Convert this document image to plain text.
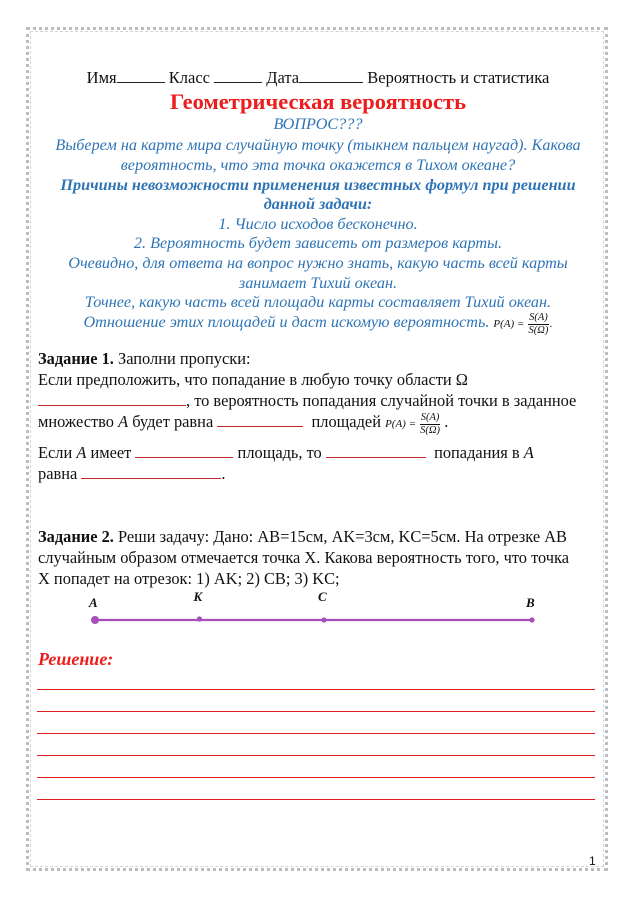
Имя	Класс	Дата	Вероятность и статистика
Геометрическая вероятность
ВОПРОС???
Выберем на карте мира случайную точку (тыкнем пальцем наугад). Какова
вероятность, что эта точка окажется в Тихом океане?
Причины невозможности применения известных формул при решении
данной задачи:
1. Число исходов бесконечно.
2. Вероятность будет зависеть от размеров карты.
Очевидно, для ответа на вопрос нужно знать, какую часть всей карты
занимает Тихий океан.
Точнее, какую часть всей площади карты составляет Тихий океан.
Отношение этих площадей и даст искомую вероятность. $P(A) = \frac{S(A)}{S(\Omega)}$ .
Задание 1. Заполни пропуски:
Если предположить, что попадание в любую точку области Ω
, то вероятность попадания случайной точки в заданное
множество A будет равна	площадей $P(A) = \frac{S(A)}{S(\Omega)}$ .
Если A имеет	площадь, то	попадания в A
равна	.
Задание 2. Реши задачу: Дано: AB=15см, AK=3см, KC=5см. На отрезке AB
случайным образом отмечается точка X. Какова вероятность того, что точка
X попадет на отрезок: 1) AK; 2) CB; 3) KC;
A	K	C	B
Решение:
1
